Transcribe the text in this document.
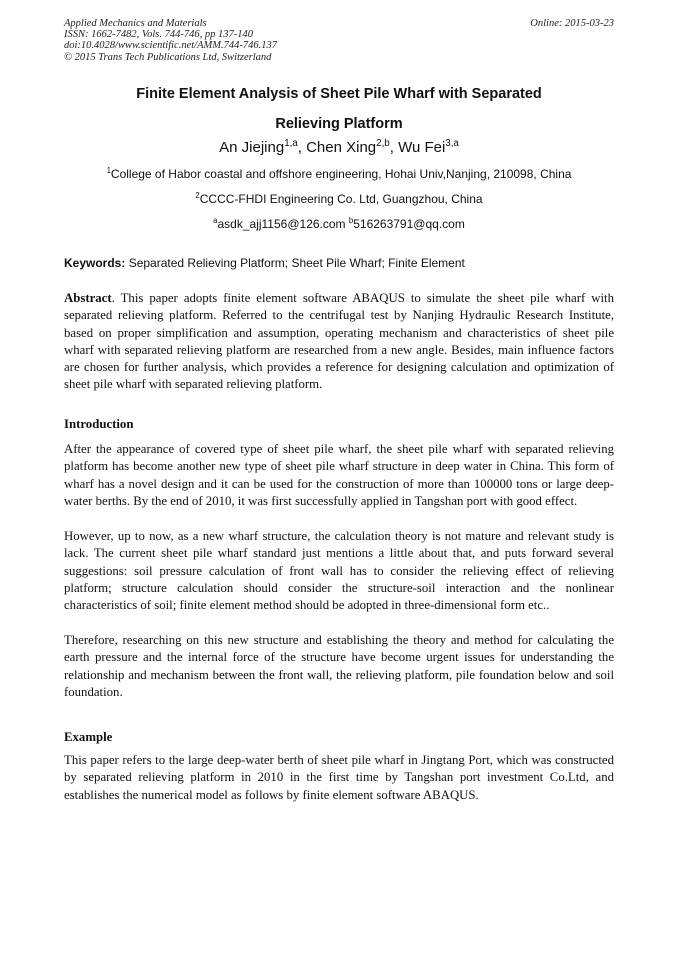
Applied Mechanics and Materials
ISSN: 1662-7482, Vols. 744-746, pp 137-140
doi:10.4028/www.scientific.net/AMM.744-746.137
© 2015 Trans Tech Publications Ltd, Switzerland
Online: 2015-03-23
Finite Element Analysis of Sheet Pile Wharf with Separated
Relieving Platform
An Jiejing$^{1,a}$, Chen Xing$^{2,b}$, Wu Fei$^{3,a}$
$^1$College of Habor coastal and offshore engineering, Hohai Univ,Nanjing, 210098, China
$^2$CCCC-FHDI Engineering Co. Ltd, Guangzhou, China
$^a$asdk_ajj1156@126.com $^b$516263791@qq.com
Keywords: Separated Relieving Platform; Sheet Pile Wharf; Finite Element

Abstract. This paper adopts finite element software ABAQUS to simulate the sheet pile wharf with separated relieving platform. Referred to the centrifugal test by Nanjing Hydraulic Research Institute, based on proper simplification and assumption, operating mechanism and characteristics of sheet pile wharf with separated relieving platform are researched from a new angle. Besides, main influence factors are chosen for further analysis, which provides a reference for designing calculation and optimization of sheet pile wharf with separated relieving platform.

Introduction

After the appearance of covered type of sheet pile wharf, the sheet pile wharf with separated relieving platform has become another new type of sheet pile wharf structure in deep water in China. This form of wharf has a novel design and it can be used for the construction of more than 100000 tons or large deep-water berths. By the end of 2010, it was first successfully applied in Tangshan port with good effect.

However, up to now, as a new wharf structure, the calculation theory is not mature and relevant study is lack. The current sheet pile wharf standard just mentions a little about that, and puts forward several suggestions: soil pressure calculation of front wall has to consider the relieving effect of relieving platform; structure calculation should consider the structure-soil interaction and the nonlinear characteristics of soil; finite element method should be adopted in three-dimensional form etc..

Therefore, researching on this new structure and establishing the theory and method for calculating the earth pressure and the internal force of the structure have become urgent issues for understanding the relationship and mechanism between the front wall, the relieving platform, pile foundation below and soil foundation.

Example

This paper refers to the large deep-water berth of sheet pile wharf in Jingtang Port, which was constructed by separated relieving platform in 2010 in the first time by Tangshan port investment Co.Ltd, and establishes the numerical model as follows by finite element software ABAQUS.
